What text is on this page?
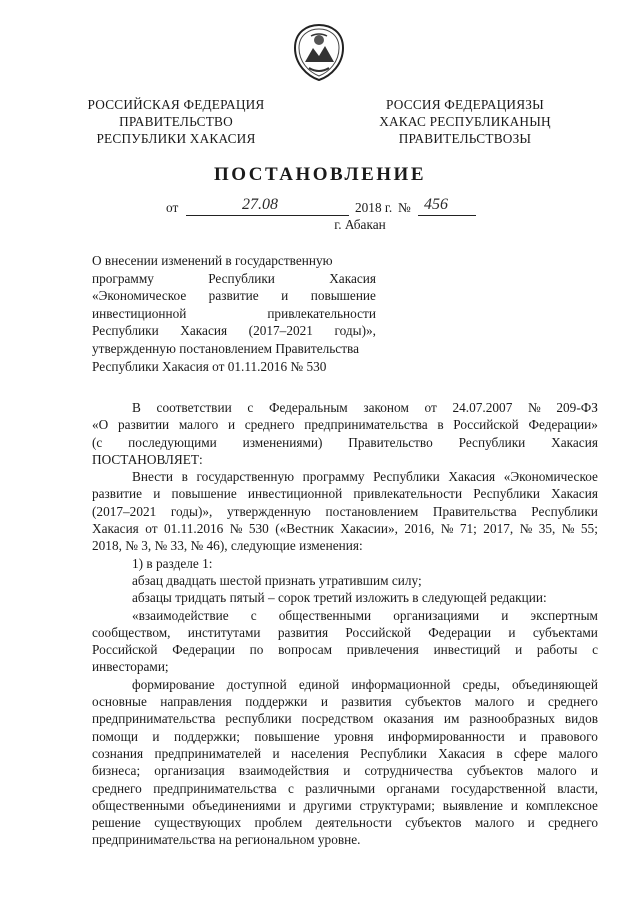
РОССИЙСКАЯ ФЕДЕРАЦИЯ
ПРАВИТЕЛЬСТВО
РЕСПУБЛИКИ ХАКАСИЯ
РОССИЯ ФЕДЕРАЦИЯЗЫ
ХАКАС РЕСПУБЛИКАНЫҢ
ПРАВИТЕЛЬСТВОЗЫ
ПОСТАНОВЛЕНИЕ
от	27.08	2018 г. № 456
г. Абакан
О внесении изменений в государственную
программу	Республики	Хакасия
«Экономическое развитие и повышение
инвестиционной	привлекательности
Республики Хакасия (2017–2021 годы)»,
утвержденную постановлением Правительства
Республики Хакасия от 01.11.2016 № 530
В соответствии с Федеральным законом от 24.07.2007 № 209-ФЗ
«О развитии малого и среднего предпринимательства в Российской Федерации»
(с последующими изменениями) Правительство Республики Хакасия
ПОСТАНОВЛЯЕТ:
Внести в государственную программу Республики Хакасия «Экономическое
развитие и повышение инвестиционной привлекательности Республики Хакасия
(2017–2021 годы)», утвержденную постановлением Правительства Республики
Хакасия от 01.11.2016 № 530 («Вестник Хакасии», 2016, № 71; 2017, № 35, № 55;
2018, № 3, № 33, № 46), следующие изменения:
1) в разделе 1:
абзац двадцать шестой признать утратившим силу;
абзацы тридцать пятый – сорок третий изложить в следующей редакции:
«взаимодействие с общественными организациями и экспертным
сообществом, институтами развития Российской Федерации и субъектами
Российской Федерации по вопросам привлечения инвестиций и работы с
инвесторами;
формирование доступной единой информационной среды, объединяющей
основные направления поддержки и развития субъектов малого и среднего
предпринимательства республики посредством оказания им разнообразных видов
помощи и поддержки; повышение уровня информированности и правового
сознания предпринимателей и населения Республики Хакасия в сфере малого
бизнеса; организация взаимодействия и сотрудничества субъектов малого и
среднего предпринимательства с различными органами государственной власти,
общественными объединениями и другими структурами; выявление и комплексное
решение существующих проблем деятельности субъектов малого и среднего
предпринимательства на региональном уровне.
